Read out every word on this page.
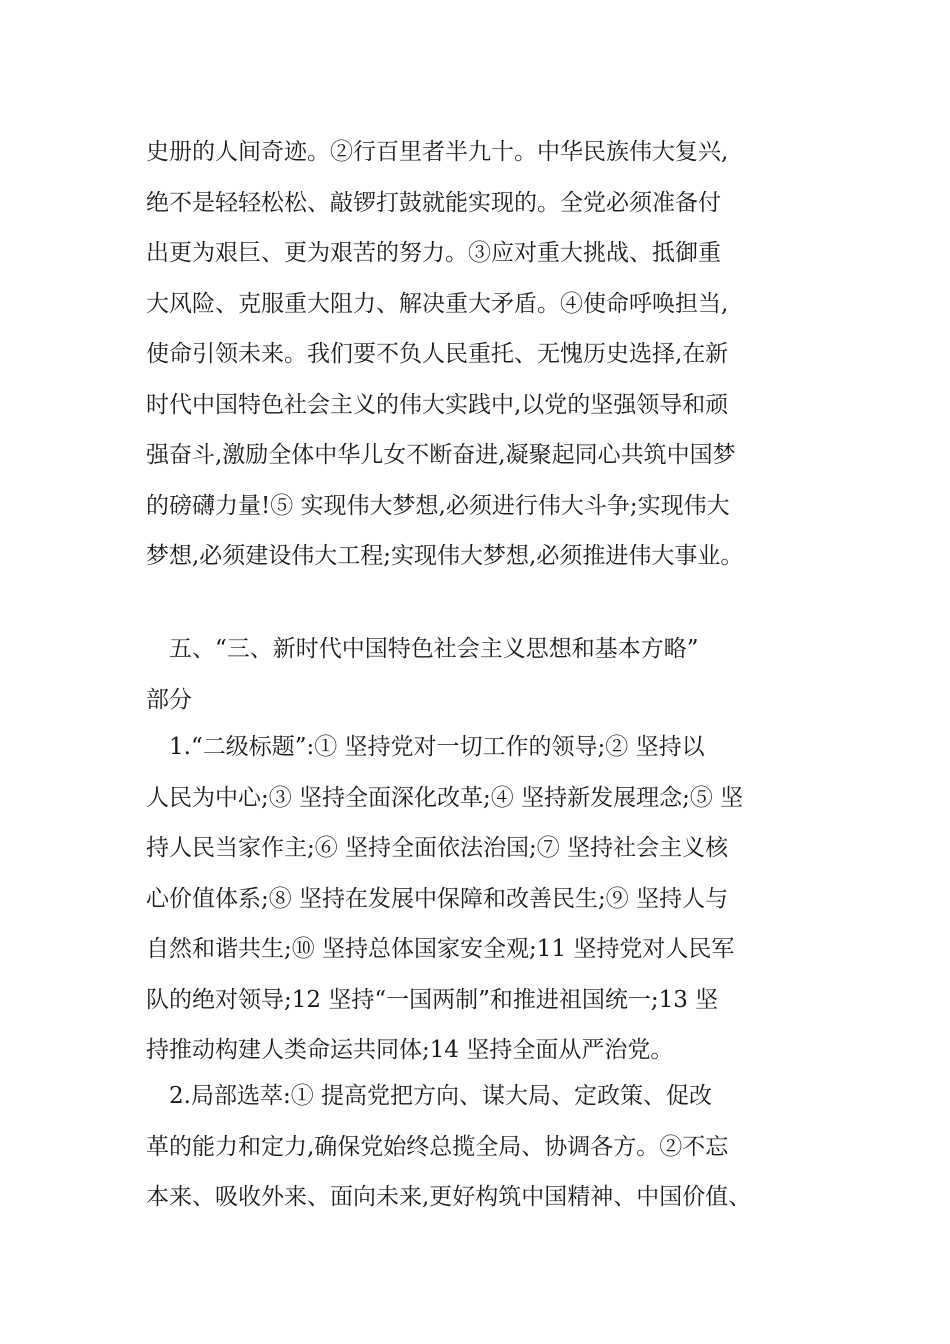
史册的人间奇迹。②行百里者半九十。中华民族伟大复兴,
绝不是轻轻松松、敲锣打鼓就能实现的。全党必须准备付
出更为艰巨、更为艰苦的努力。③应对重大挑战、抵御重
大风险、克服重大阻力、解决重大矛盾。④使命呼唤担当,
使命引领未来。我们要不负人民重托、无愧历史选择,在新
时代中国特色社会主义的伟大实践中,以党的坚强领导和顽
强奋斗,激励全体中华儿女不断奋进,凝聚起同心共筑中国梦
的磅礴力量!⑤ 实现伟大梦想,必须进行伟大斗争;实现伟大
梦想,必须建设伟大工程;实现伟大梦想,必须推进伟大事业。
　五、“三、新时代中国特色社会主义思想和基本方略”
部分
　1.“二级标题”:① 坚持党对一切工作的领导;② 坚持以
人民为中心;③ 坚持全面深化改革;④ 坚持新发展理念;⑤ 坚
持人民当家作主;⑥ 坚持全面依法治国;⑦ 坚持社会主义核
心价值体系;⑧ 坚持在发展中保障和改善民生;⑨ 坚持人与
自然和谐共生;⑩ 坚持总体国家安全观;11 坚持党对人民军
队的绝对领导;12 坚持“一国两制”和推进祖国统一;13 坚
持推动构建人类命运共同体;14 坚持全面从严治党。
　2.局部选萃:① 提高党把方向、谋大局、定政策、促改
革的能力和定力,确保党始终总揽全局、协调各方。②不忘
本来、吸收外来、面向未来,更好构筑中国精神、中国价值、
